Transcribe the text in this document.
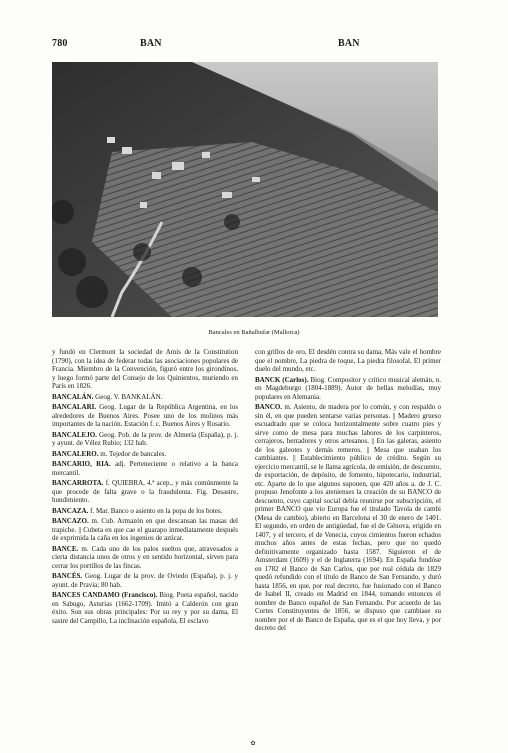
780	BAN	BAN
Bancales en Bañalbufar (Mallorca)

y fundó en Clermont la sociedad de Amis de la Constitution (1790), con la idea de federar todas las asociaciones populares de Francia. Miembro de la Convención, figuró entre los girondinos, y luego formó parte del Consejo de los Quinientos, muriendo en París en 1826.

BANCALÁN. Geog. V. BANKALÁN.

BANCALARI. Geog. Lugar de la República Argentina, en los alrededores de Buenos Aires. Posee uno de los molinos más importantes de la nación. Estación f. c. Buenos Aires y Rosario.

BANCALEJO. Geog. Pob. de la prov. de Almería (España), p. j. y ayunt. de Vélez Rubio; 132 hab.

BANCALERO. m. Tejedor de bancales.

BANCARIO, RIA. adj. Perteneciente o relativo a la banca mercantil.

BANCARROTA. f. QUIEBRA, 4.ª acep., y más comúnmente la que procede de falta grave o la fraudulenta. Fig. Desastre, hundimiento.

BANCAZA. f. Mar. Banco o asiento en la popa de los botes.

BANCAZO. m. Cub. Armazón en que descansan las masas del trapiche. || Cubeta en que cae el guarapo inmediatamente después de exprimida la caña en los ingenios de azúcar.

BANCE. m. Cada uno de los palos sueltos que, atravesados a cierta distancia unos de otros y en sentido horizontal, sirven para cerrar los portillos de las fincas.

BANCÉS. Geog. Lugar de la prov. de Oviedo (España), p. j. y ayunt. de Pravia; 80 hab.

BANCES CANDAMO (Francisco). Biog. Poeta español, nacido en Sabugo, Asturias (1662-1709). Imitó a Calderón con gran éxito. Son sus obras principales: Por su rey y por su dama, El sastre del Campillo, La inclinación española, El esclavo

con grillos de oro, El desdén contra su dama, Más vale el hombre que el nombre, La piedra de toque, La piedra filosofal, El primer duelo del mundo, etc.

BANCK (Carlos). Biog. Compositor y crítico musical alemán, n. en Magdeburgo (1804-1889). Autor de bellas melodías, muy populares en Alemania.

BANCO. m. Asiento, de madera por lo común, y con respaldo o sin él, en que pueden sentarse varias personas. || Madero grueso escuadrado que se coloca horizontalmente sobre cuatro pies y sirve como de mesa para muchas labores de los carpinteros, cerrajeros, herradores y otros artesanos. || En las galeras, asiento de los galeotes y demás remeros. || Mesa que usaban los cambiantes. || Establecimiento público de crédito. Según su ejercicio mercantil, se le llama agrícola, de emisión, de descuento, de exportación, de depósito, de fomento, hipotecario, industrial, etc. Aparte de lo que algunos suponen, que 420 años a. de J. C. propuso Jenofonte a los atenienses la creación de su BANCO de descuento, cuyo capital social debía reunirse por subscripción, el primer BANCO que vio Europa fue el titulado Tavola de cambi (Mesa de cambio), abierto en Barcelona el 30 de enero de 1401. El segundo, en orden de antigüedad, fue el de Génova, erigido en 1407, y el tercero, el de Venecia, cuyos cimientos fueron echados muchos años antes de estas fechas, pero que no quedó definitivamente organizado hasta 1587. Siguieron el de Amsterdam (1609) y el de Inglaterra (1694). En España fundóse en 1782 el Banco de San Carlos, que por real cédula de 1829 quedó refundido con el título de Banco de San Fernando, y duró hasta 1856, en que, por real decreto, fue fusionado con el Banco de Isabel II, creado en Madrid en 1844, tomando entonces el nombre de Banco español de San Fernando. Por acuerdo de las Cortes Constituyentes de 1856, se dispuso que cambiase su nombre por el de Banco de España, que es el que hoy lleva, y por decreto del

✿
